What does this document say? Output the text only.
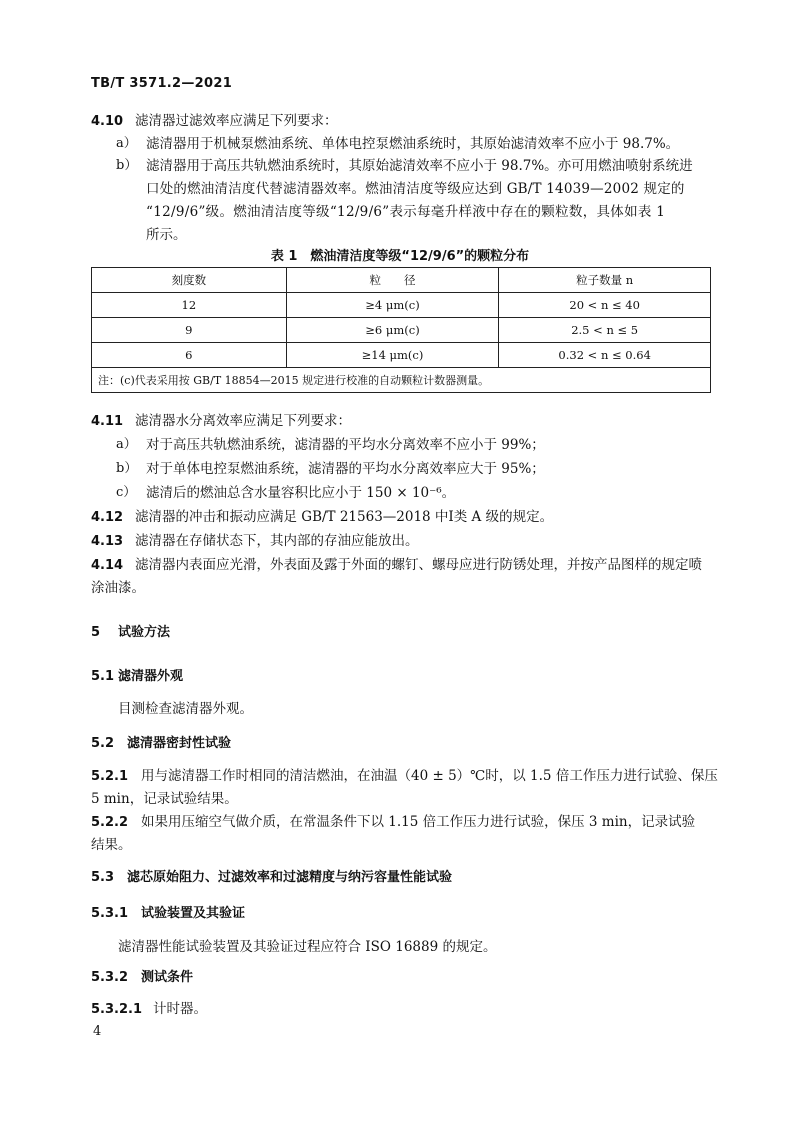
TB/T 3571.2—2021
4.10 滤清器过滤效率应满足下列要求：
a） 滤清器用于机械泵燃油系统、单体电控泵燃油系统时，其原始滤清效率不应小于 98.7%。
b） 滤清器用于高压共轨燃油系统时，其原始滤清效率不应小于 98.7%。亦可用燃油喷射系统进
口处的燃油清洁度代替滤清器效率。燃油清洁度等级应达到 GB/T 14039—2002 规定的
“12/9/6”级。燃油清洁度等级“12/9/6”表示每毫升样液中存在的颗粒数，具体如表 1
所示。
表 1　燃油清洁度等级“12/9/6”的颗粒分布
刻度数	粒　　径	粒子数量 n
12	≥4 μm(c)	20 < n ≤ 40
9	≥6 μm(c)	2.5 < n ≤ 5
6	≥14 μm(c)	0.32 < n ≤ 0.64
注：(c)代表采用按 GB/T 18854—2015 规定进行校准的自动颗粒计数器测量。		
4.11 滤清器水分离效率应满足下列要求：
a） 对于高压共轨燃油系统，滤清器的平均水分离效率不应小于 99%；
b） 对于单体电控泵燃油系统，滤清器的平均水分离效率应大于 95%；
c） 滤清后的燃油总含水量容积比应小于 150 × 10⁻⁶。
4.12 滤清器的冲击和振动应满足 GB/T 21563—2018 中Ⅰ类 A 级的规定。
4.13 滤清器在存储状态下，其内部的存油应能放出。
4.14 滤清器内表面应光滑，外表面及露于外面的螺钉、螺母应进行防锈处理，并按产品图样的规定喷
涂油漆。
5 试验方法
5.1 滤清器外观
目测检查滤清器外观。
5.2 滤清器密封性试验
5.2.1 用与滤清器工作时相同的清洁燃油，在油温（40 ± 5）℃时，以 1.5 倍工作压力进行试验、保压
5 min，记录试验结果。
5.2.2 如果用压缩空气做介质，在常温条件下以 1.15 倍工作压力进行试验，保压 3 min，记录试验
结果。
5.3 滤芯原始阻力、过滤效率和过滤精度与纳污容量性能试验
5.3.1 试验装置及其验证
滤清器性能试验装置及其验证过程应符合 ISO 16889 的规定。
5.3.2 测试条件
5.3.2.1 计时器。
4
